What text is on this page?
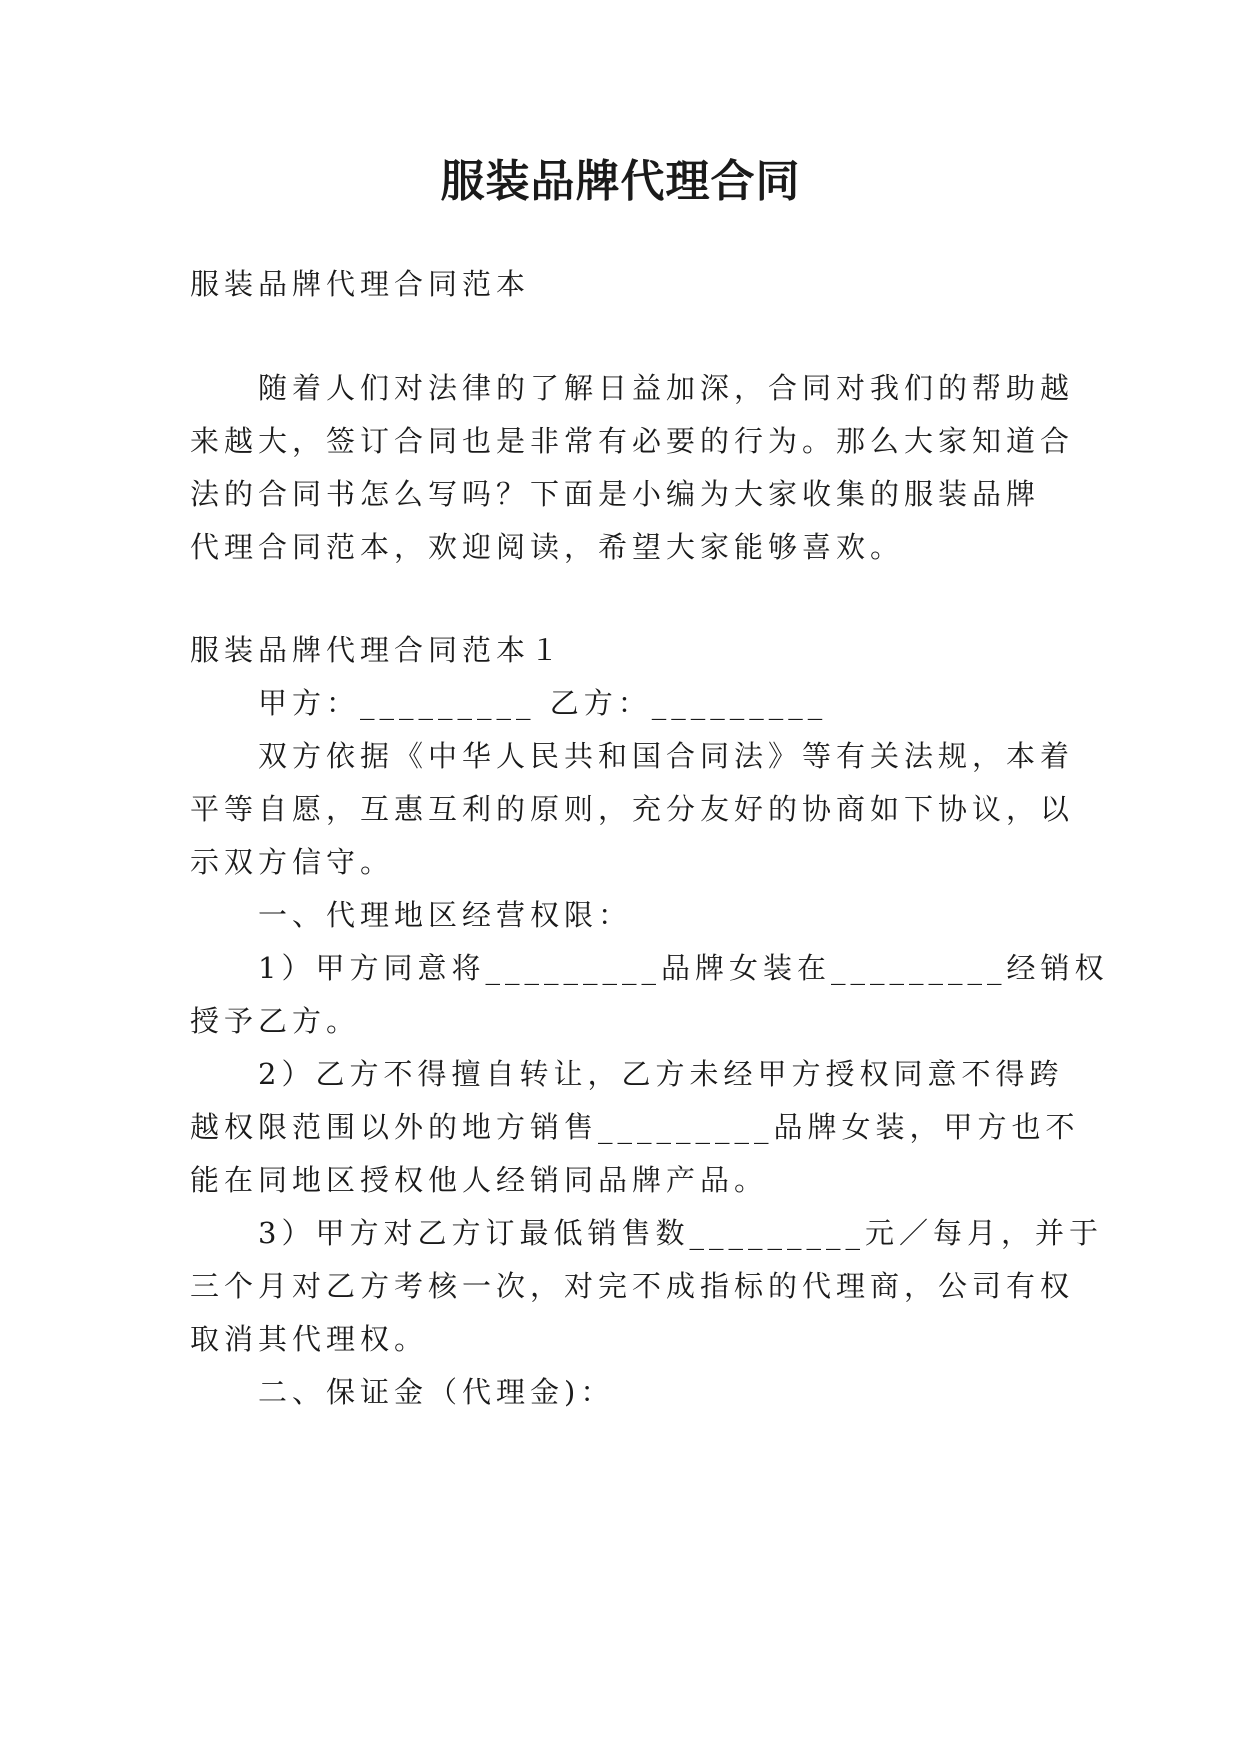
服装品牌代理合同
服装品牌代理合同范本
随着人们对法律的了解日益加深，合同对我们的帮助越
来越大，签订合同也是非常有必要的行为。那么大家知道合
法的合同书怎么写吗？下面是小编为大家收集的服装品牌
代理合同范本，欢迎阅读，希望大家能够喜欢。
服装品牌代理合同范本１
甲方：_________ 乙方：_________
双方依据《中华人民共和国合同法》等有关法规，本着
平等自愿，互惠互利的原则，充分友好的协商如下协议，以
示双方信守。
一、代理地区经营权限：
1）甲方同意将_________品牌女装在_________经销权
授予乙方。
2）乙方不得擅自转让，乙方未经甲方授权同意不得跨
越权限范围以外的地方销售_________品牌女装，甲方也不
能在同地区授权他人经销同品牌产品。
3）甲方对乙方订最低销售数_________元／每月，并于
三个月对乙方考核一次，对完不成指标的代理商，公司有权
取消其代理权。
二、保证金（代理金)：
